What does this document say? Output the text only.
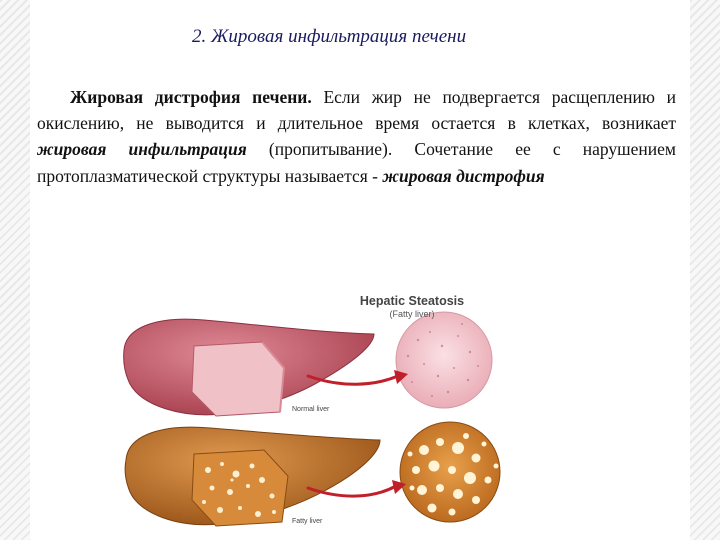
2. Жировая инфильтрация печени
Жировая дистрофия печени. Если жир не подвергается расщеплению и окислению, не выводится и длительное время остается в клетках, возникает жировая инфильтрация (пропитывание). Сочетание ее с нарушением протоплазматической структуры называется - жировая дистрофия
Hepatic Steatosis
(Fatty liver)
Normal liver
Fatty liver
